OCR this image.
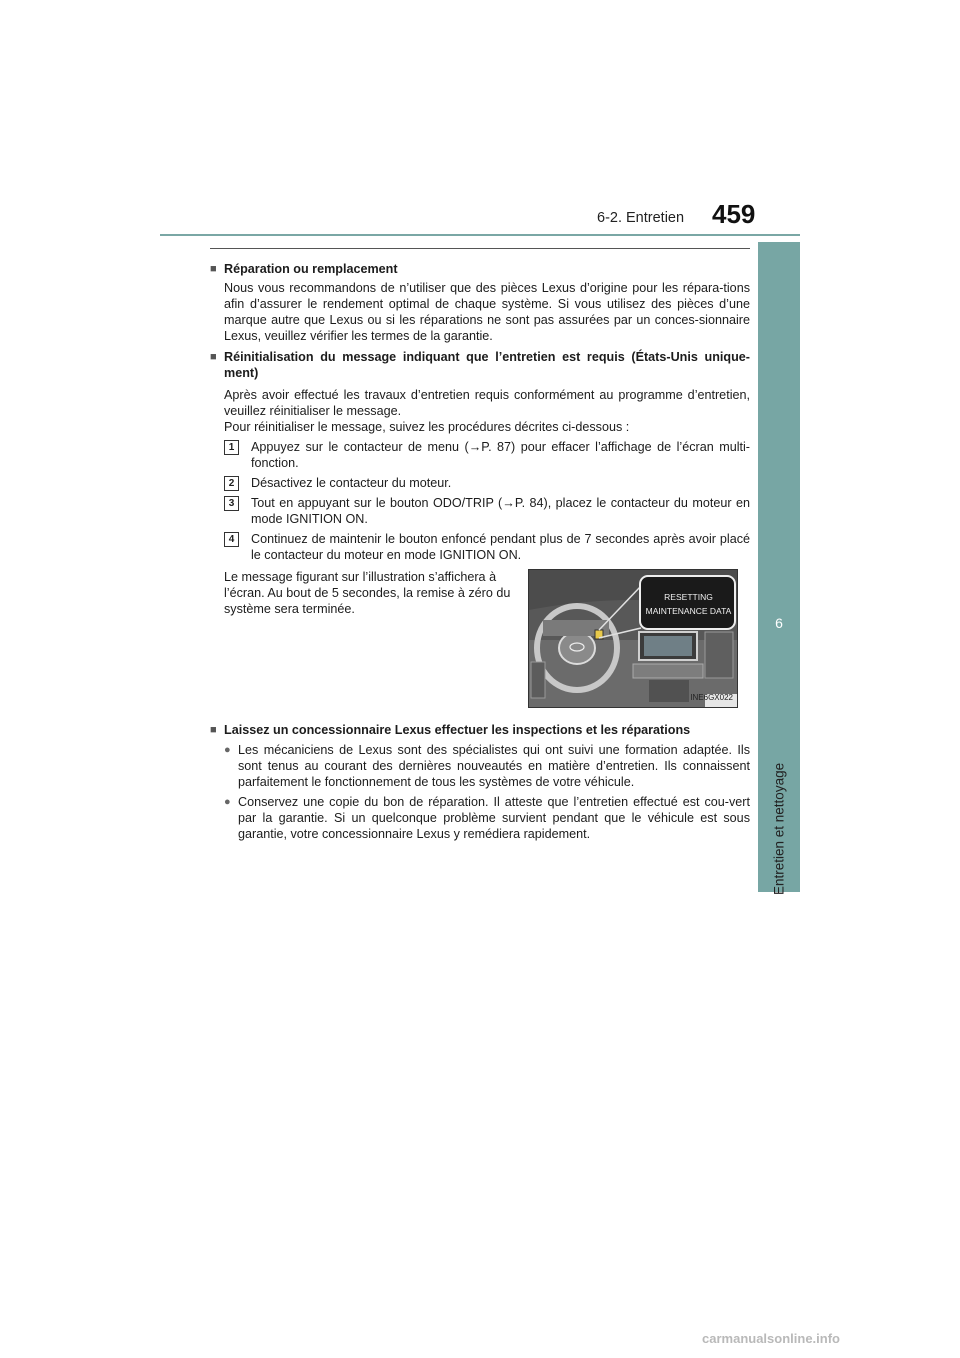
6-2. Entretien 459
6
Entretien et nettoyage
■ Réparation ou remplacement

Nous vous recommandons de n’utiliser que des pièces Lexus d’origine pour les répara-tions afin d’assurer le rendement optimal de chaque système. Si vous utilisez des pièces d’une marque autre que Lexus ou si les réparations ne sont pas assurées par un conces-sionnaire Lexus, veuillez vérifier les termes de la garantie.

■ Réinitialisation du message indiquant que l’entretien est requis (États-Unis unique-ment)

Après avoir effectué les travaux d’entretien requis conformément au programme d’entretien, veuillez réinitialiser le message.

Pour réinitialiser le message, suivez les procédures décrites ci-dessous :

1	Appuyez sur le contacteur de menu (→P. 87) pour effacer l’affichage de l’écran multi-fonction.
2	Désactivez le contacteur du moteur.
3	Tout en appuyant sur le bouton ODO/TRIP (→P. 84), placez le contacteur du moteur en mode IGNITION ON.
4	Continuez de maintenir le bouton enfoncé pendant plus de 7 secondes après avoir placé le contacteur du moteur en mode IGNITION ON.
Le message figurant sur l’illustration s’affichera à l’écran. Au bout de 5 secondes, la remise à zéro du système sera terminée.
RESETTING
MAINTENANCE DATA
INE6GX022
■ Laissez un concessionnaire Lexus effectuer les inspections et les réparations
● Les mécaniciens de Lexus sont des spécialistes qui ont suivi une formation adaptée. Ils sont tenus au courant des dernières nouveautés en matière d’entretien. Ils connaissent parfaitement le fonctionnement de tous les systèmes de votre véhicule.
● Conservez une copie du bon de réparation. Il atteste que l’entretien effectué est cou-vert par la garantie. Si un quelconque problème survient pendant que le véhicule est sous garantie, votre concessionnaire Lexus y remédiera rapidement.
carmanualsonline.info
